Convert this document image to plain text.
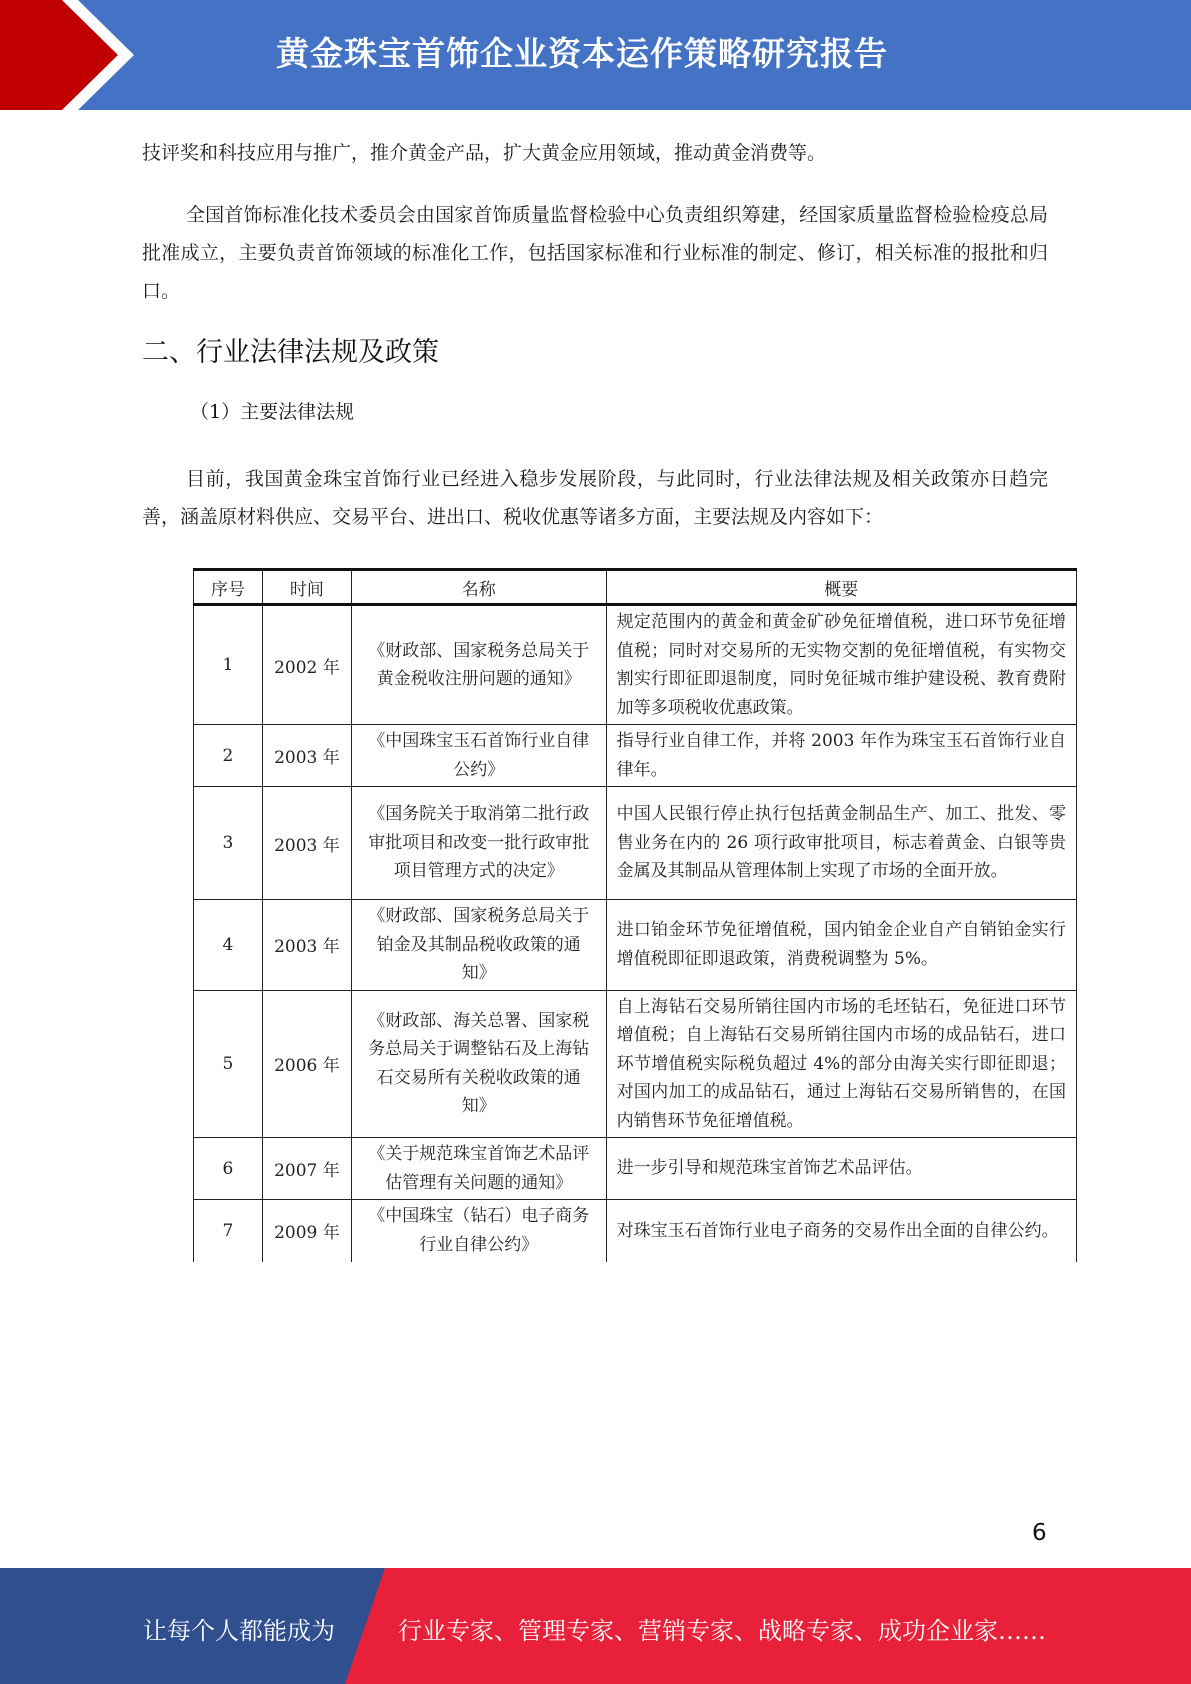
黄金珠宝首饰企业资本运作策略研究报告
技评奖和科技应用与推广，推介黄金产品，扩大黄金应用领域，推动黄金消费等。
全国首饰标准化技术委员会由国家首饰质量监督检验中心负责组织筹建，经国家质量监督检验检疫总局批准成立，主要负责首饰领域的标准化工作，包括国家标准和行业标准的制定、修订，相关标准的报批和归口。
二、行业法律法规及政策
（1）主要法律法规
目前，我国黄金珠宝首饰行业已经进入稳步发展阶段，与此同时，行业法律法规及相关政策亦日趋完善，涵盖原材料供应、交易平台、进出口、税收优惠等诸多方面，主要法规及内容如下：
序号	时间	名称	概要
1	2002 年	《财政部、国家税务总局关于黄金税收注册问题的通知》	规定范围内的黄金和黄金矿砂免征增值税，进口环节免征增值税；同时对交易所的无实物交割的免征增值税，有实物交割实行即征即退制度，同时免征城市维护建设税、教育费附加等多项税收优惠政策。
2	2003 年	《中国珠宝玉石首饰行业自律公约》	指导行业自律工作，并将 2003 年作为珠宝玉石首饰行业自律年。
3	2003 年	《国务院关于取消第二批行政审批项目和改变一批行政审批项目管理方式的决定》	中国人民银行停止执行包括黄金制品生产、加工、批发、零售业务在内的 26 项行政审批项目，标志着黄金、白银等贵金属及其制品从管理体制上实现了市场的全面开放。
4	2003 年	《财政部、国家税务总局关于铂金及其制品税收政策的通知》	进口铂金环节免征增值税，国内铂金企业自产自销铂金实行增值税即征即退政策，消费税调整为 5%。
5	2006 年	《财政部、海关总署、国家税务总局关于调整钻石及上海钻石交易所有关税收政策的通知》	自上海钻石交易所销往国内市场的毛坯钻石，免征进口环节增值税；自上海钻石交易所销往国内市场的成品钻石，进口环节增值税实际税负超过 4%的部分由海关实行即征即退；对国内加工的成品钻石，通过上海钻石交易所销售的，在国内销售环节免征增值税。
6	2007 年	《关于规范珠宝首饰艺术品评估管理有关问题的通知》	进一步引导和规范珠宝首饰艺术品评估。
7	2009 年	《中国珠宝（钻石）电子商务行业自律公约》	对珠宝玉石首饰行业电子商务的交易作出全面的自律公约。
6
让每个人都能成为	行业专家、管理专家、营销专家、战略专家、成功企业家……
